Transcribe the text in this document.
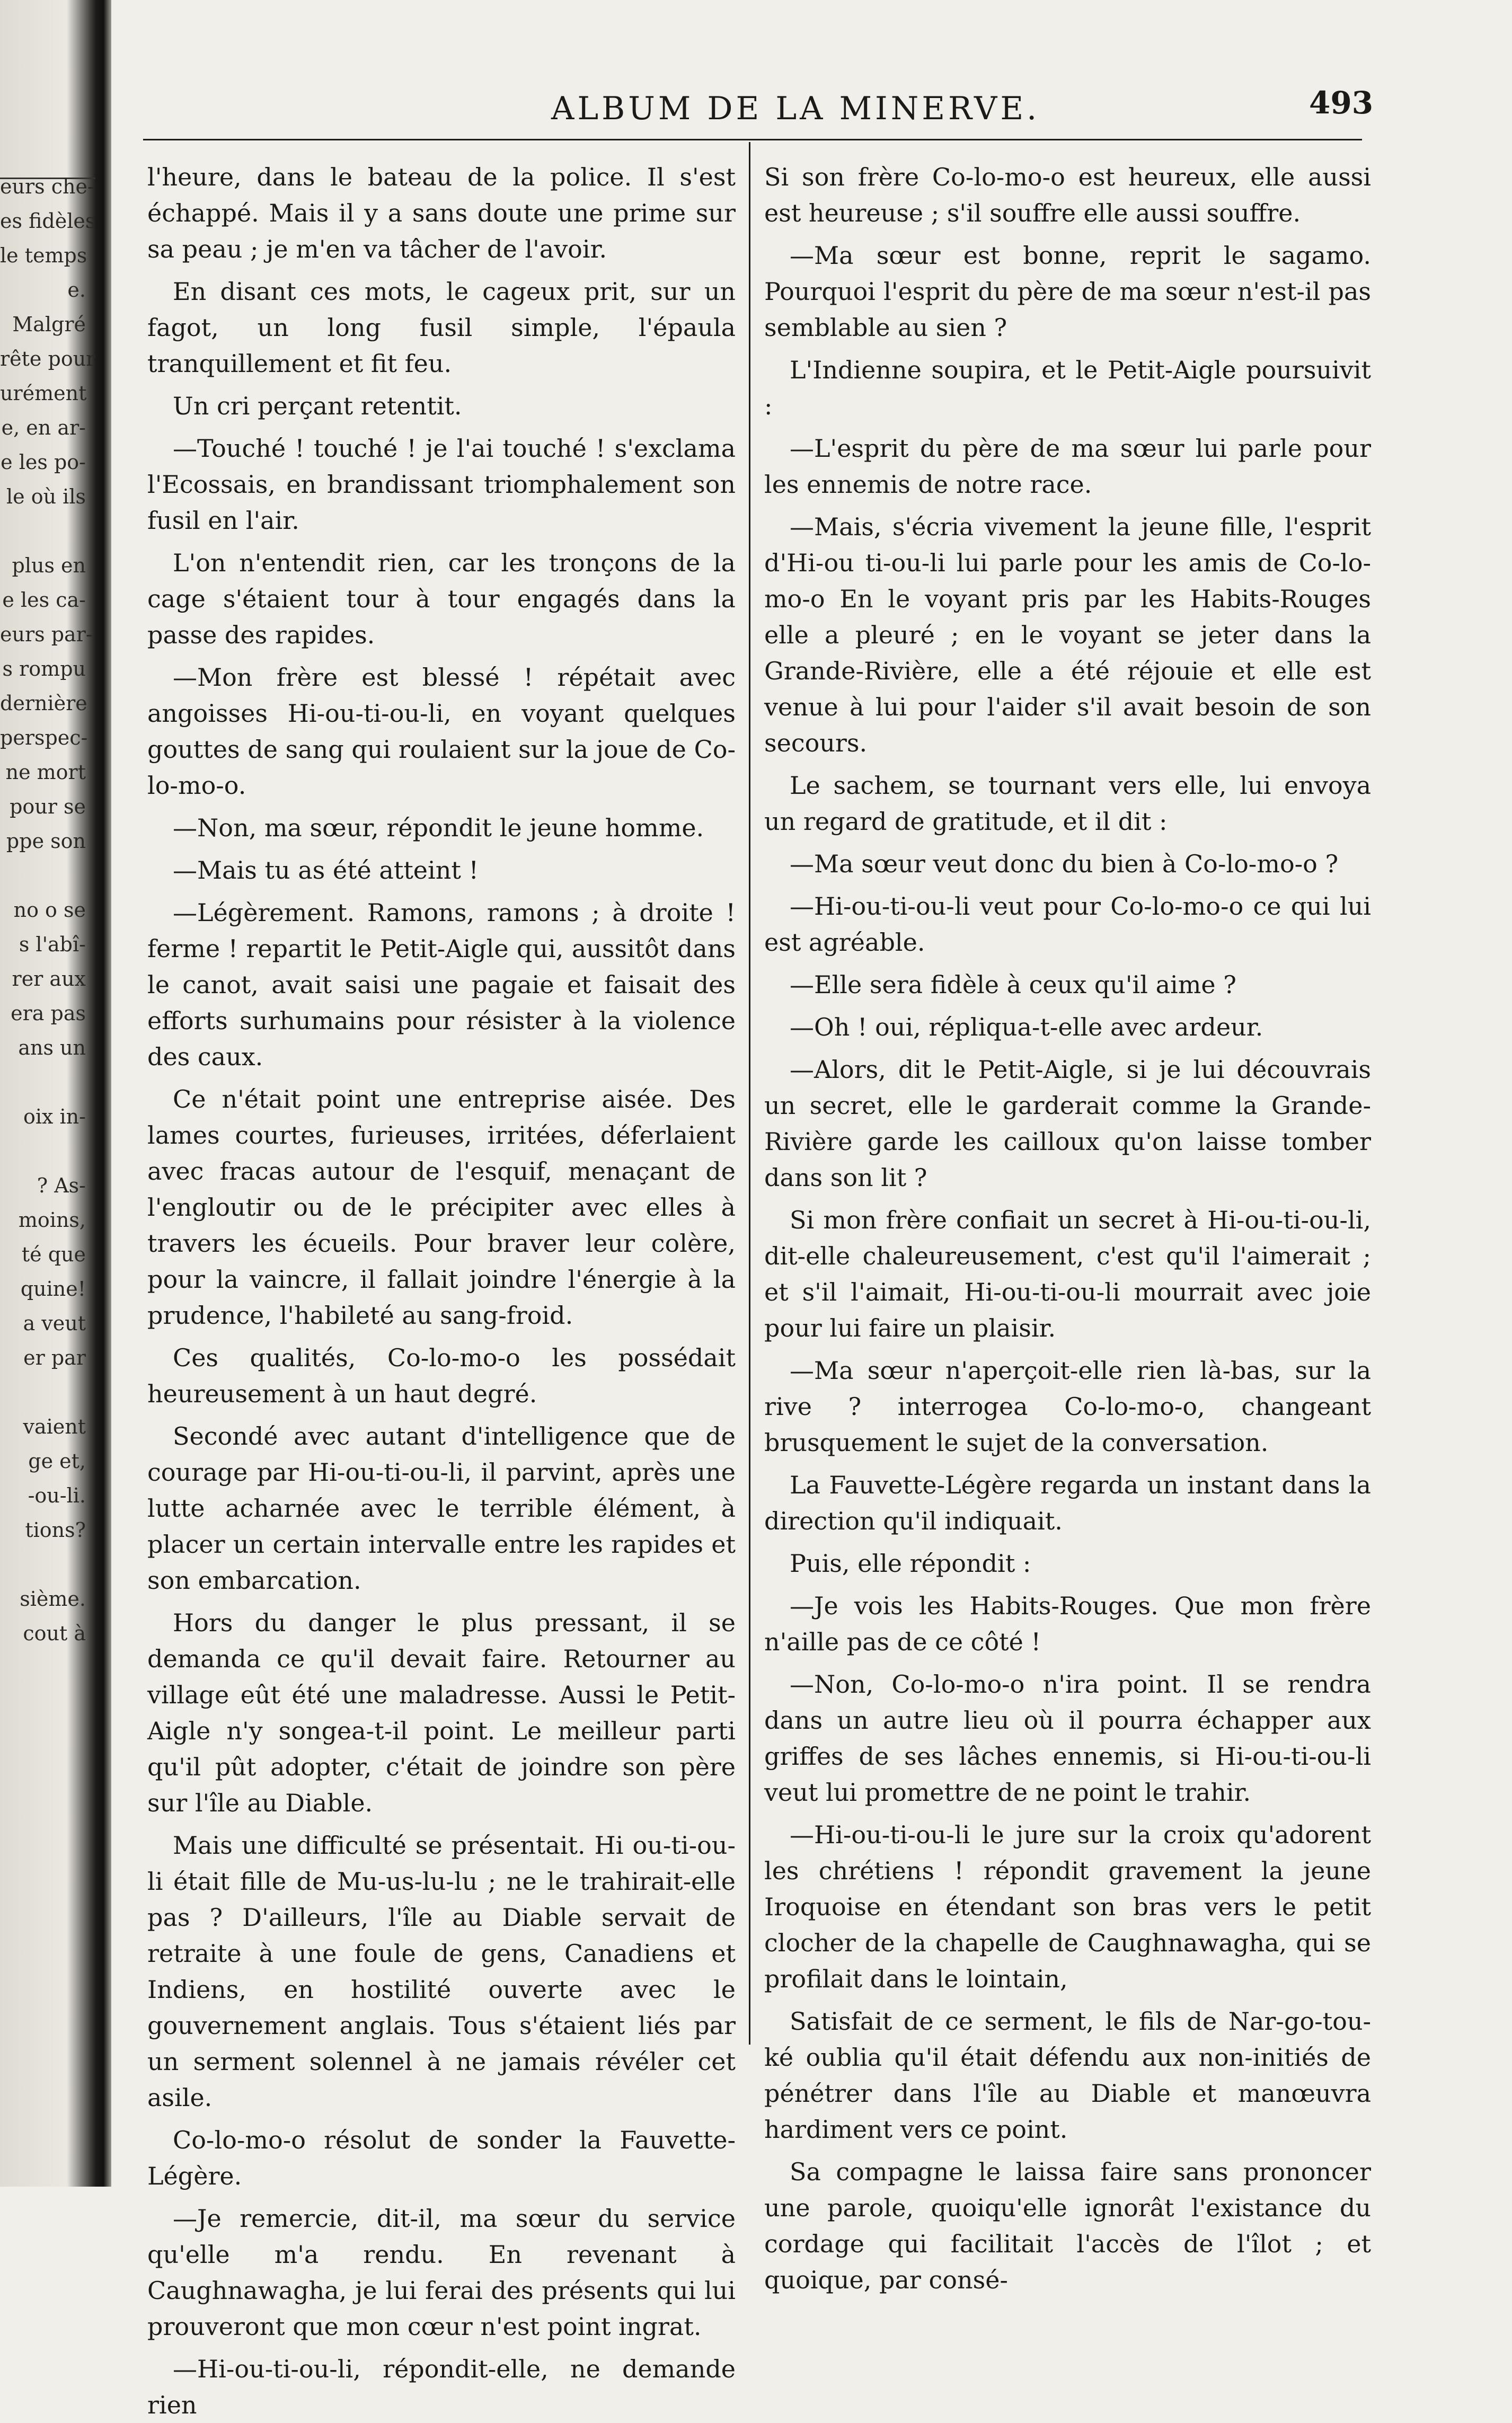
eurs che-
es fidèles
le temps
e.
Malgré
rête pour
urément
e, en ar-
e les po-
le où ils
plus en
e les ca-
eurs par-
s rompu
dernière
perspec-
ne mort
pour se
ppe son
no o se
s l'abî-
rer aux
era pas
ans un
oix in-
? As-
moins,
té que
quine!
a veut
er par
vaient
ge et,
-ou-li.
tions?
sième.
cout à
ALBUM DE LA MINERVE.	493

l'heure, dans le bateau de la police. Il s'est échappé. Mais il y a sans doute une prime sur sa peau ; je m'en va tâcher de l'avoir.

En disant ces mots, le cageux prit, sur un fagot, un long fusil simple, l'épaula tranquillement et fit feu.

Un cri perçant retentit.

—Touché ! touché ! je l'ai touché ! s'exclama l'Ecossais, en brandissant triomphalement son fusil en l'air.

L'on n'entendit rien, car les tronçons de la cage s'étaient tour à tour engagés dans la passe des rapides.

—Mon frère est blessé ! répétait avec angoisses Hi-ou-ti-ou-li, en voyant quelques gouttes de sang qui roulaient sur la joue de Co-lo-mo-o.

—Non, ma sœur, répondit le jeune homme.

—Mais tu as été atteint !

—Légèrement. Ramons, ramons ; à droite ! ferme ! repartit le Petit-Aigle qui, aussitôt dans le canot, avait saisi une pagaie et faisait des efforts surhumains pour résister à la violence des caux.

Ce n'était point une entreprise aisée. Des lames courtes, furieuses, irritées, déferlaient avec fracas autour de l'esquif, menaçant de l'engloutir ou de le précipiter avec elles à travers les écueils. Pour braver leur colère, pour la vaincre, il fallait joindre l'énergie à la prudence, l'habileté au sang-froid.

Ces qualités, Co-lo-mo-o les possédait heureusement à un haut degré.

Secondé avec autant d'intelligence que de courage par Hi-ou-ti-ou-li, il parvint, après une lutte acharnée avec le terrible élément, à placer un certain intervalle entre les rapides et son embarcation.

Hors du danger le plus pressant, il se demanda ce qu'il devait faire. Retourner au village eût été une maladresse. Aussi le Petit-Aigle n'y songea-t-il point. Le meilleur parti qu'il pût adopter, c'était de joindre son père sur l'île au Diable.

Mais une difficulté se présentait. Hi ou-ti-ou-li était fille de Mu-us-lu-lu ; ne le trahirait-elle pas ? D'ailleurs, l'île au Diable servait de retraite à une foule de gens, Canadiens et Indiens, en hostilité ouverte avec le gouvernement anglais. Tous s'étaient liés par un serment solennel à ne jamais révéler cet asile.

Co-lo-mo-o résolut de sonder la Fauvette-Légère.

—Je remercie, dit-il, ma sœur du service qu'elle m'a rendu. En revenant à Caughnawagha, je lui ferai des présents qui lui prouveront que mon cœur n'est point ingrat.

—Hi-ou-ti-ou-li, répondit-elle, ne demande rien

Si son frère Co-lo-mo-o est heureux, elle aussi est heureuse ; s'il souffre elle aussi souffre.

—Ma sœur est bonne, reprit le sagamo. Pourquoi l'esprit du père de ma sœur n'est-il pas semblable au sien ?

L'Indienne soupira, et le Petit-Aigle poursuivit :

—L'esprit du père de ma sœur lui parle pour les ennemis de notre race.

—Mais, s'écria vivement la jeune fille, l'esprit d'Hi-ou ti-ou-li lui parle pour les amis de Co-lo-mo-o En le voyant pris par les Habits-Rouges elle a pleuré ; en le voyant se jeter dans la Grande-Rivière, elle a été réjouie et elle est venue à lui pour l'aider s'il avait besoin de son secours.

Le sachem, se tournant vers elle, lui envoya un regard de gratitude, et il dit :

—Ma sœur veut donc du bien à Co-lo-mo-o ?

—Hi-ou-ti-ou-li veut pour Co-lo-mo-o ce qui lui est agréable.

—Elle sera fidèle à ceux qu'il aime ?

—Oh ! oui, répliqua-t-elle avec ardeur.

—Alors, dit le Petit-Aigle, si je lui découvrais un secret, elle le garderait comme la Grande-Rivière garde les cailloux qu'on laisse tomber dans son lit ?

Si mon frère confiait un secret à Hi-ou-ti-ou-li, dit-elle chaleureusement, c'est qu'il l'aimerait ; et s'il l'aimait, Hi-ou-ti-ou-li mourrait avec joie pour lui faire un plaisir.

—Ma sœur n'aperçoit-elle rien là-bas, sur la rive ? interrogea Co-lo-mo-o, changeant brusquement le sujet de la conversation.

La Fauvette-Légère regarda un instant dans la direction qu'il indiquait.

Puis, elle répondit :

—Je vois les Habits-Rouges. Que mon frère n'aille pas de ce côté !

—Non, Co-lo-mo-o n'ira point. Il se rendra dans un autre lieu où il pourra échapper aux griffes de ses lâches ennemis, si Hi-ou-ti-ou-li veut lui promettre de ne point le trahir.

—Hi-ou-ti-ou-li le jure sur la croix qu'adorent les chrétiens ! répondit gravement la jeune Iroquoise en étendant son bras vers le petit clocher de la chapelle de Caughnawagha, qui se profilait dans le lointain,

Satisfait de ce serment, le fils de Nar-go-tou-ké oublia qu'il était défendu aux non-initiés de pénétrer dans l'île au Diable et manœuvra hardiment vers ce point.

Sa compagne le laissa faire sans prononcer une parole, quoiqu'elle ignorât l'existance du cordage qui facilitait l'accès de l'îlot ; et quoique, par consé-
